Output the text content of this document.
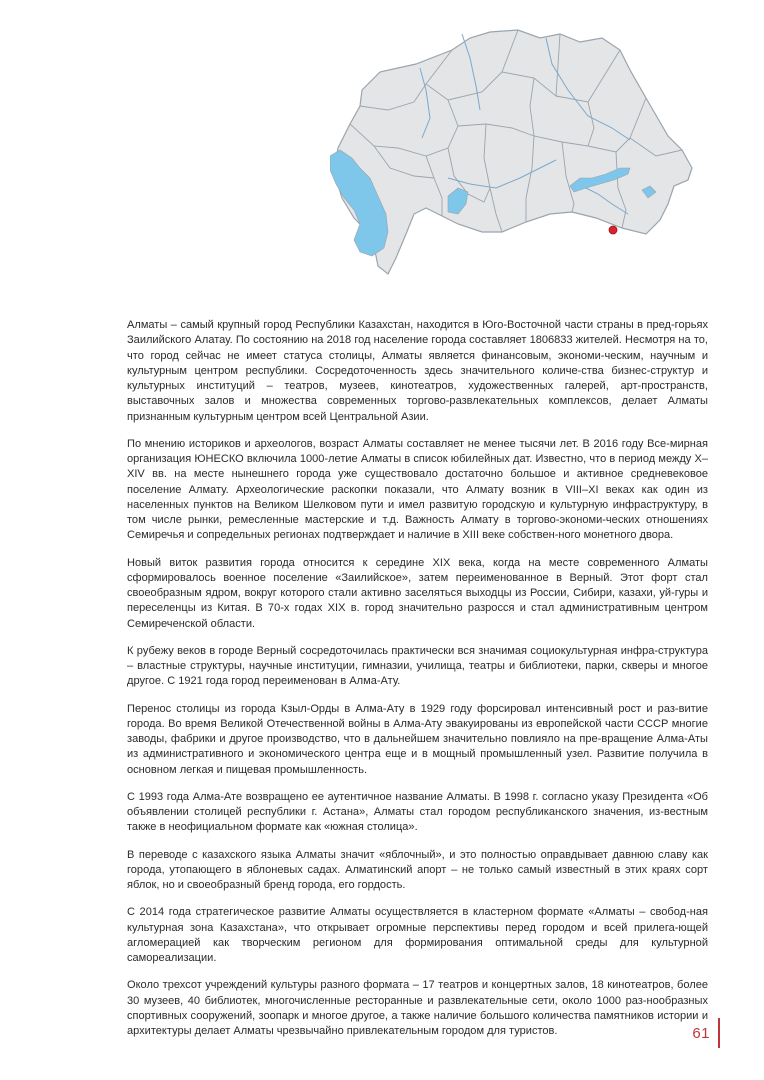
Алматы – самый крупный город Республики Казахстан, находится в Юго-Восточной части страны в пред-горьях Заилийского Алатау. По состоянию на 2018 год население города составляет 1806833 жителей. Несмотря на то, что город сейчас не имеет статуса столицы, Алматы является финансовым, экономи-ческим, научным и культурным центром республики. Сосредоточенность здесь значительного количе-ства бизнес-структур и культурных институций – театров, музеев, кинотеатров, художественных галерей, арт-пространств, выставочных залов и множества современных торгово-развлекательных комплексов, делает Алматы признанным культурным центром всей Центральной Азии.

По мнению историков и археологов, возраст Алматы составляет не менее тысячи лет. В 2016 году Все-мирная организация ЮНЕСКО включила 1000-летие Алматы в список юбилейных дат. Известно, что в период между X–XIV вв. на месте нынешнего города уже существовало достаточно большое и активное средневековое поселение Алмату. Археологические раскопки показали, что Алмату возник в VIII–XI веках как один из населенных пунктов на Великом Шелковом пути и имел развитую городскую и культурную инфраструктуру, в том числе рынки, ремесленные мастерские и т.д. Важность Алмату в торгово-экономи-ческих отношениях Семиречья и сопредельных регионах подтверждает и наличие в XIII веке собствен-ного монетного двора.

Новый виток развития города относится к середине XIX века, когда на месте современного Алматы сформировалось военное поселение «Заилийское», затем переименованное в Верный. Этот форт стал своеобразным ядром, вокруг которого стали активно заселяться выходцы из России, Сибири, казахи, уй-гуры и переселенцы из Китая. В 70-х годах XIX в. город значительно разросся и стал административным центром Семиреченской области.

К рубежу веков в городе Верный сосредоточилась практически вся значимая социокультурная инфра-структура – властные структуры, научные институции, гимназии, училища, театры и библиотеки, парки, скверы и многое другое. С 1921 года город переименован в Алма-Ату.

Перенос столицы из города Кзыл-Орды в Алма-Ату в 1929 году форсировал интенсивный рост и раз-витие города. Во время Великой Отечественной войны в Алма-Ату эвакуированы из европейской части СССР многие заводы, фабрики и другое производство, что в дальнейшем значительно повлияло на пре-вращение Алма-Аты из административного и экономического центра еще и в мощный промышленный узел. Развитие получила в основном легкая и пищевая промышленность.

С 1993 года Алма-Ате возвращено ее аутентичное название Алматы. В 1998 г. согласно указу Президента «Об объявлении столицей республики г. Астана», Алматы стал городом республиканского значения, из-вестным также в неофициальном формате как «южная столица».

В переводе с казахского языка Алматы значит «яблочный», и это полностью оправдывает давнюю славу как города, утопающего в яблоневых садах. Алматинский апорт – не только самый известный в этих краях сорт яблок, но и своеобразный бренд города, его гордость.

С 2014 года стратегическое развитие Алматы осуществляется в кластерном формате «Алматы – свобод-ная культурная зона Казахстана», что открывает огромные перспективы перед городом и всей прилега-ющей агломерацией как творческим регионом для формирования оптимальной среды для культурной самореализации.

Около трехсот учреждений культуры разного формата – 17 театров и концертных залов, 18 кинотеатров, более 30 музеев, 40 библиотек, многочисленные ресторанные и развлекательные сети, около 1000 раз-нообразных спортивных сооружений, зоопарк и многое другое, а также наличие большого количества памятников истории и архитектуры делает Алматы чрезвычайно привлекательным городом для туристов.	61
